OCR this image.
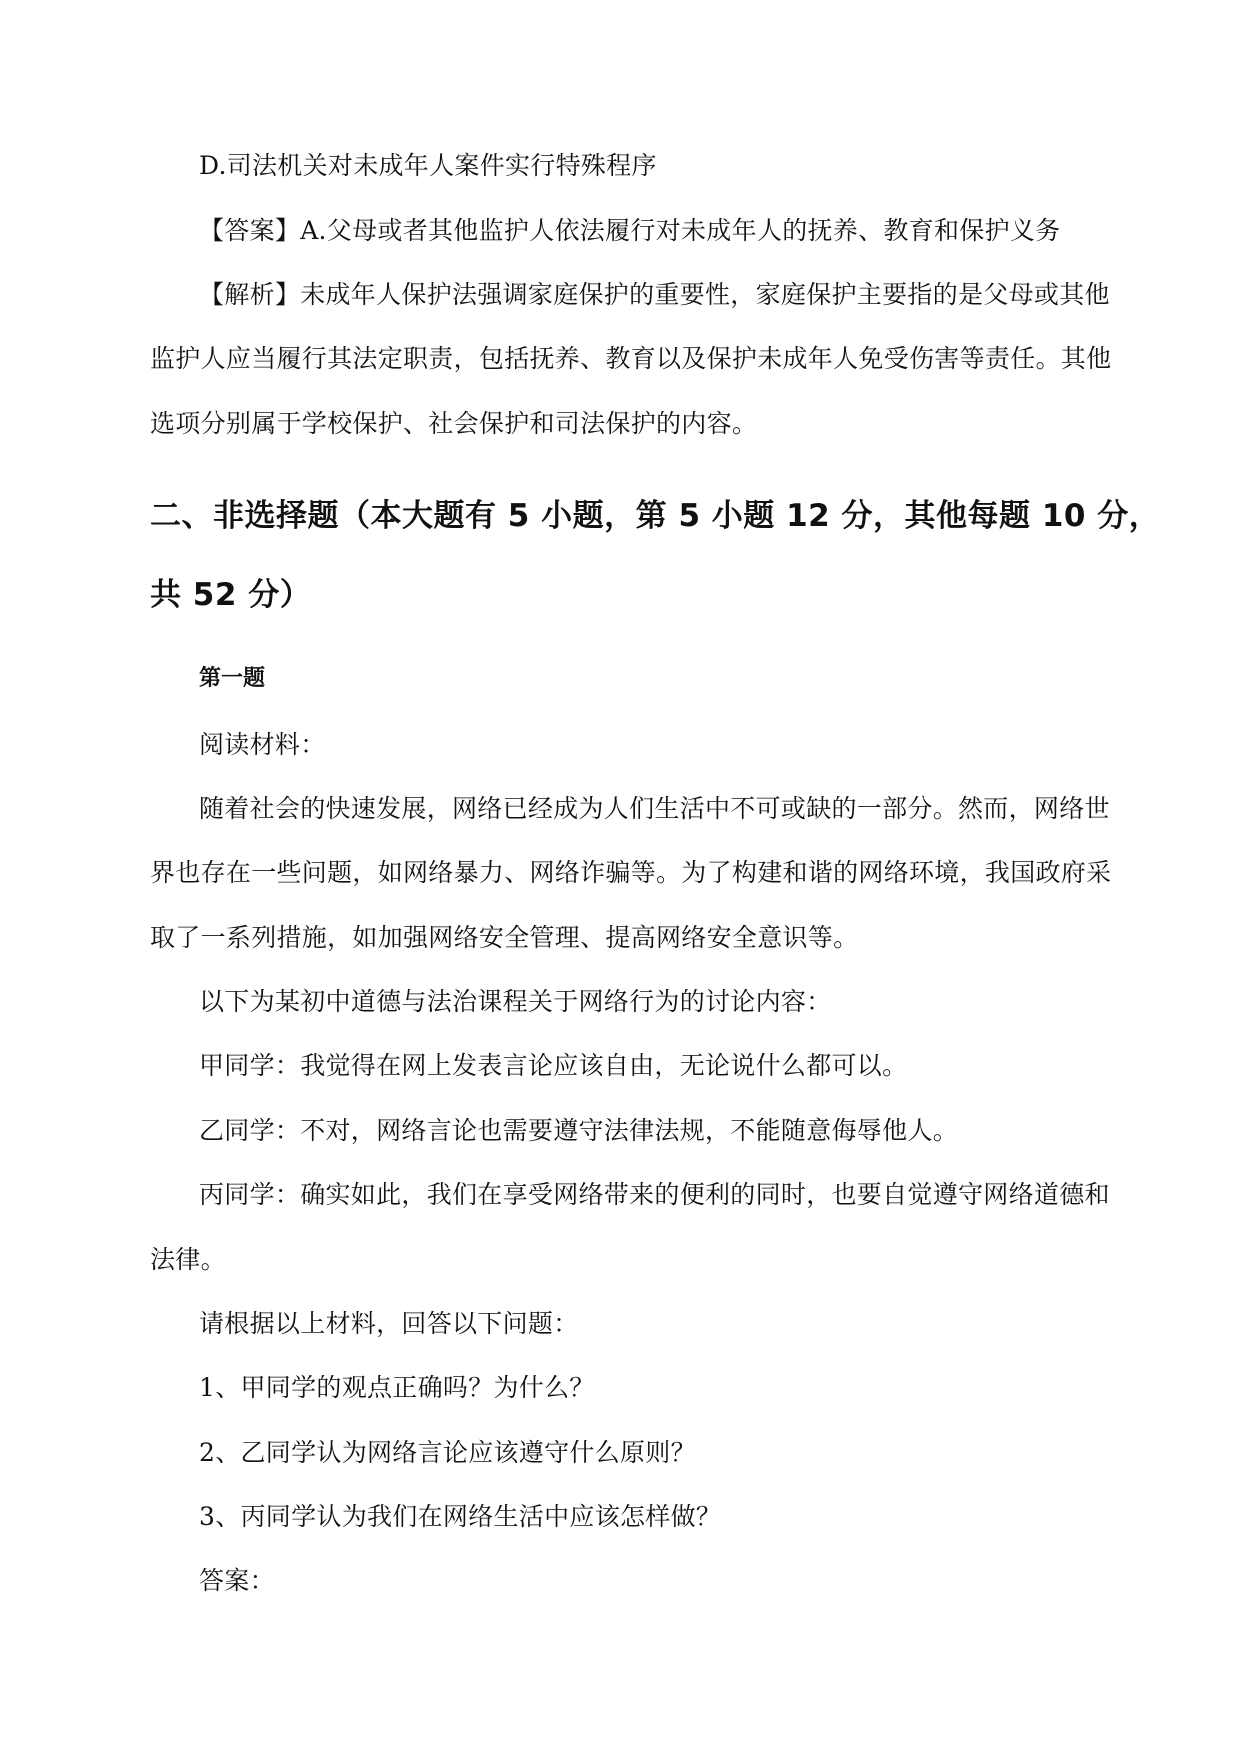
D.司法机关对未成年人案件实行特殊程序
【答案】A.父母或者其他监护人依法履行对未成年人的抚养、教育和保护义务
【解析】未成年人保护法强调家庭保护的重要性，家庭保护主要指的是父母或其他
监护人应当履行其法定职责，包括抚养、教育以及保护未成年人免受伤害等责任。其他
选项分别属于学校保护、社会保护和司法保护的内容。
二、非选择题（本大题有 5 小题，第 5 小题 12 分，其他每题 10 分，
共 52 分）
第一题
阅读材料：
随着社会的快速发展，网络已经成为人们生活中不可或缺的一部分。然而，网络世
界也存在一些问题，如网络暴力、网络诈骗等。为了构建和谐的网络环境，我国政府采
取了一系列措施，如加强网络安全管理、提高网络安全意识等。
以下为某初中道德与法治课程关于网络行为的讨论内容：
甲同学：我觉得在网上发表言论应该自由，无论说什么都可以。
乙同学：不对，网络言论也需要遵守法律法规，不能随意侮辱他人。
丙同学：确实如此，我们在享受网络带来的便利的同时，也要自觉遵守网络道德和
法律。
请根据以上材料，回答以下问题：
1、甲同学的观点正确吗？为什么？
2、乙同学认为网络言论应该遵守什么原则？
3、丙同学认为我们在网络生活中应该怎样做？
答案：
